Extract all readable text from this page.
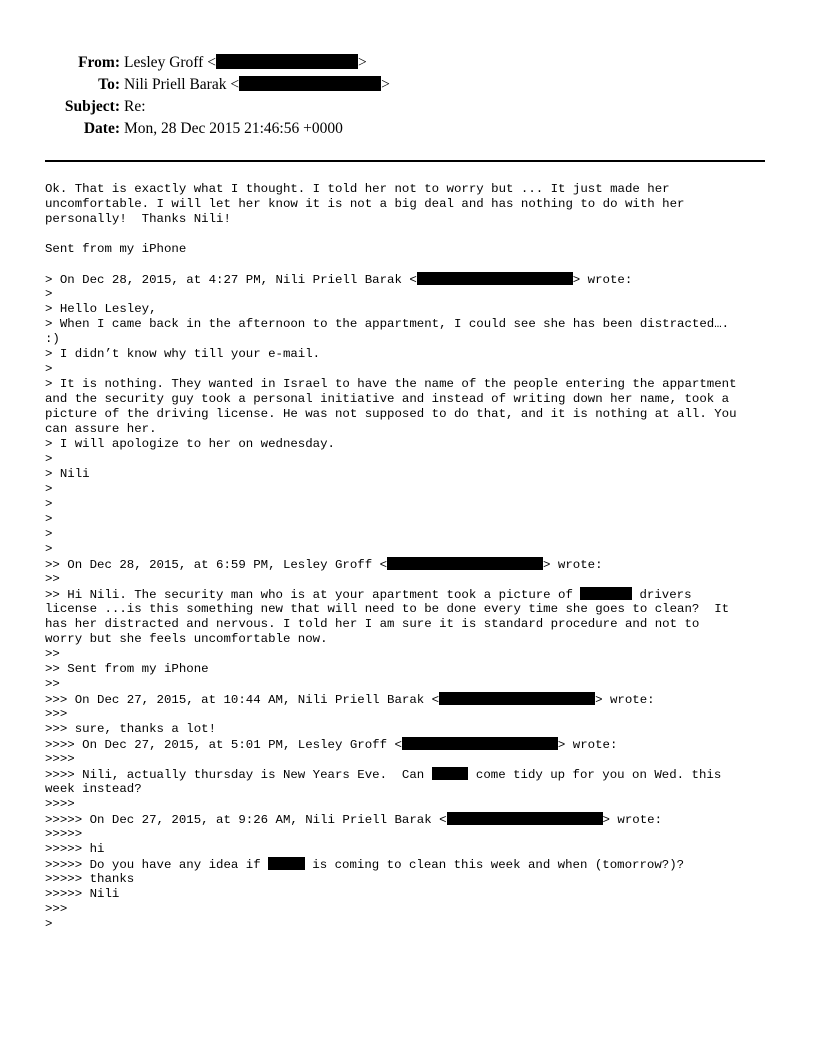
From: Lesley Groff <	>
To: Nili Priell Barak <	>
Subject: Re:
Date: Mon, 28 Dec 2015 21:46:56 +0000
Ok. That is exactly what I thought. I told her not to worry but ... It just made her
uncomfortable. I will let her know it is not a big deal and has nothing to do with her
personally!  Thanks Nili!
Sent from my iPhone
> On Dec 28, 2015, at 4:27 PM, Nili Priell Barak <	> wrote:
>
> Hello Lesley,
> When I came back in the afternoon to the appartment, I could see she has been distracted….
:)
> I didn’t know why till your e-mail.
>
> It is nothing. They wanted in Israel to have the name of the people entering the appartment
and the security guy took a personal initiative and instead of writing down her name, took a
picture of the driving license. He was not supposed to do that, and it is nothing at all. You
can assure her.
> I will apologize to her on wednesday.
>
> Nili
>
>
>
>
>
>> On Dec 28, 2015, at 6:59 PM, Lesley Groff <	> wrote:
>>
>> Hi Nili. The security man who is at your apartment took a picture of	drivers
license ...is this something new that will need to be done every time she goes to clean?  It
has her distracted and nervous. I told her I am sure it is standard procedure and not to
worry but she feels uncomfortable now.
>>
>> Sent from my iPhone
>>
>>> On Dec 27, 2015, at 10:44 AM, Nili Priell Barak <	> wrote:
>>>
>>> sure, thanks a lot!
>>>> On Dec 27, 2015, at 5:01 PM, Lesley Groff <	> wrote:
>>>>
>>>> Nili, actually thursday is New Years Eve.  Can	come tidy up for you on Wed. this
week instead?
>>>>
>>>>> On Dec 27, 2015, at 9:26 AM, Nili Priell Barak <	> wrote:
>>>>>
>>>>> hi
>>>>> Do you have any idea if	is coming to clean this week and when (tomorrow?)?
>>>>> thanks
>>>>> Nili
>>>
>
